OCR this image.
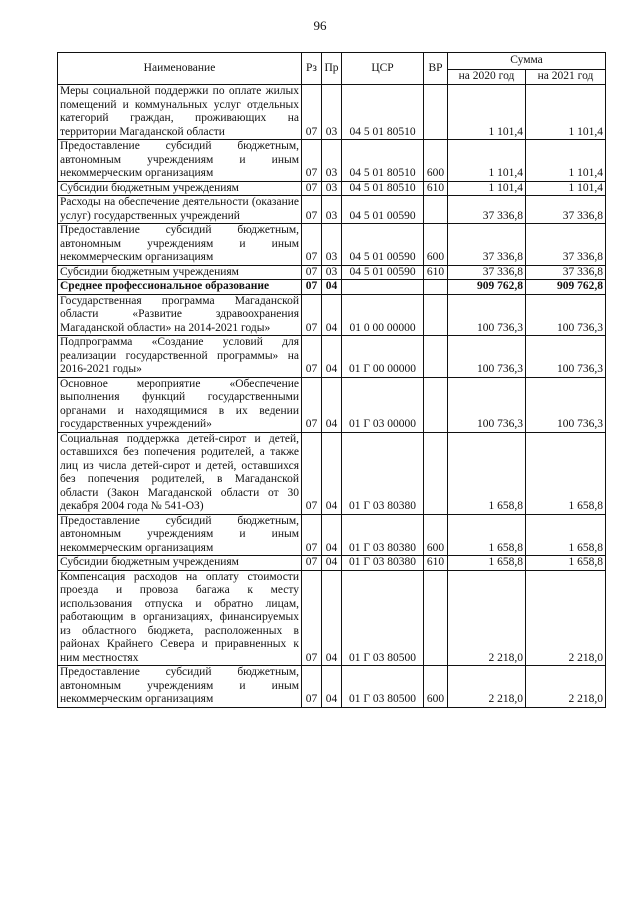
96
Наименование	Рз	Пр	ЦСР	ВР	Сумма	
					на 2020 год	на 2021 год
Меры социальной поддержки по оплате жилых помещений и коммунальных услуг отдельных категорий граждан, проживающих на территории Магаданской области	07	03	04 5 01 80510		1 101,4	1 101,4
Предоставление субсидий бюджетным, автономным учреждениям и иным некоммерческим организациям	07	03	04 5 01 80510	600	1 101,4	1 101,4
Субсидии бюджетным учреждениям	07	03	04 5 01 80510	610	1 101,4	1 101,4
Расходы на обеспечение деятельности (оказание услуг) государственных учреждений	07	03	04 5 01 00590		37 336,8	37 336,8
Предоставление субсидий бюджетным, автономным учреждениям и иным некоммерческим организациям	07	03	04 5 01 00590	600	37 336,8	37 336,8
Субсидии бюджетным учреждениям	07	03	04 5 01 00590	610	37 336,8	37 336,8
Среднее профессиональное образование	07	04			909 762,8	909 762,8
Государственная программа Магаданской области «Развитие здравоохранения Магаданской области» на 2014-2021 годы»	07	04	01 0 00 00000		100 736,3	100 736,3
Подпрограмма «Создание условий для реализации государственной программы» на 2016-2021 годы»	07	04	01 Г 00 00000		100 736,3	100 736,3
Основное мероприятие «Обеспечение выполнения функций государственными органами и находящимися в их ведении государственных учреждений»	07	04	01 Г 03 00000		100 736,3	100 736,3
Социальная поддержка детей-сирот и детей, оставшихся без попечения родителей, а также лиц из числа детей-сирот и детей, оставшихся без попечения родителей, в Магаданской области (Закон Магаданской области от 30 декабря 2004 года № 541-ОЗ)	07	04	01 Г 03 80380		1 658,8	1 658,8
Предоставление субсидий бюджетным, автономным учреждениям и иным некоммерческим организациям	07	04	01 Г 03 80380	600	1 658,8	1 658,8
Субсидии бюджетным учреждениям	07	04	01 Г 03 80380	610	1 658,8	1 658,8
Компенсация расходов на оплату стоимости проезда и провоза багажа к месту использования отпуска и обратно лицам, работающим в организациях, финансируемых из областного бюджета, расположенных в районах Крайнего Севера и приравненных к ним местностях	07	04	01 Г 03 80500		2 218,0	2 218,0
Предоставление субсидий бюджетным, автономным учреждениям и иным некоммерческим организациям	07	04	01 Г 03 80500	600	2 218,0	2 218,0
